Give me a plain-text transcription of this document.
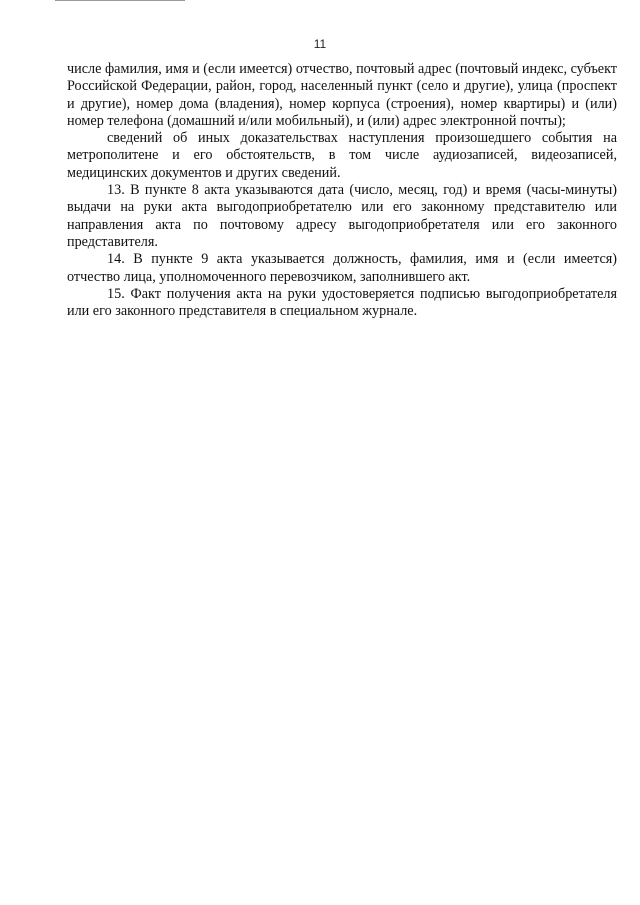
11

числе фамилия, имя и (если имеется) отчество, почтовый адрес (почтовый индекс, субъект Российской Федерации, район, город, населенный пункт (село и другие), улица (проспект и другие), номер дома (владения), номер корпуса (строения), номер квартиры) и (или) номер телефона (домашний и/или мобильный), и (или) адрес электронной почты);

сведений об иных доказательствах наступления произошедшего события на метрополитене и его обстоятельств, в том числе аудиозаписей, видеозаписей, медицинских документов и других сведений.

13. В пункте 8 акта указываются дата (число, месяц, год) и время (часы-минуты) выдачи на руки акта выгодоприобретателю или его законному представителю или направления акта по почтовому адресу выгодоприобретателя или его законного представителя.

14. В пункте 9 акта указывается должность, фамилия, имя и (если имеется) отчество лица, уполномоченного перевозчиком, заполнившего акт.

15. Факт получения акта на руки удостоверяется подписью выгодоприобретателя или его законного представителя в специальном журнале.
